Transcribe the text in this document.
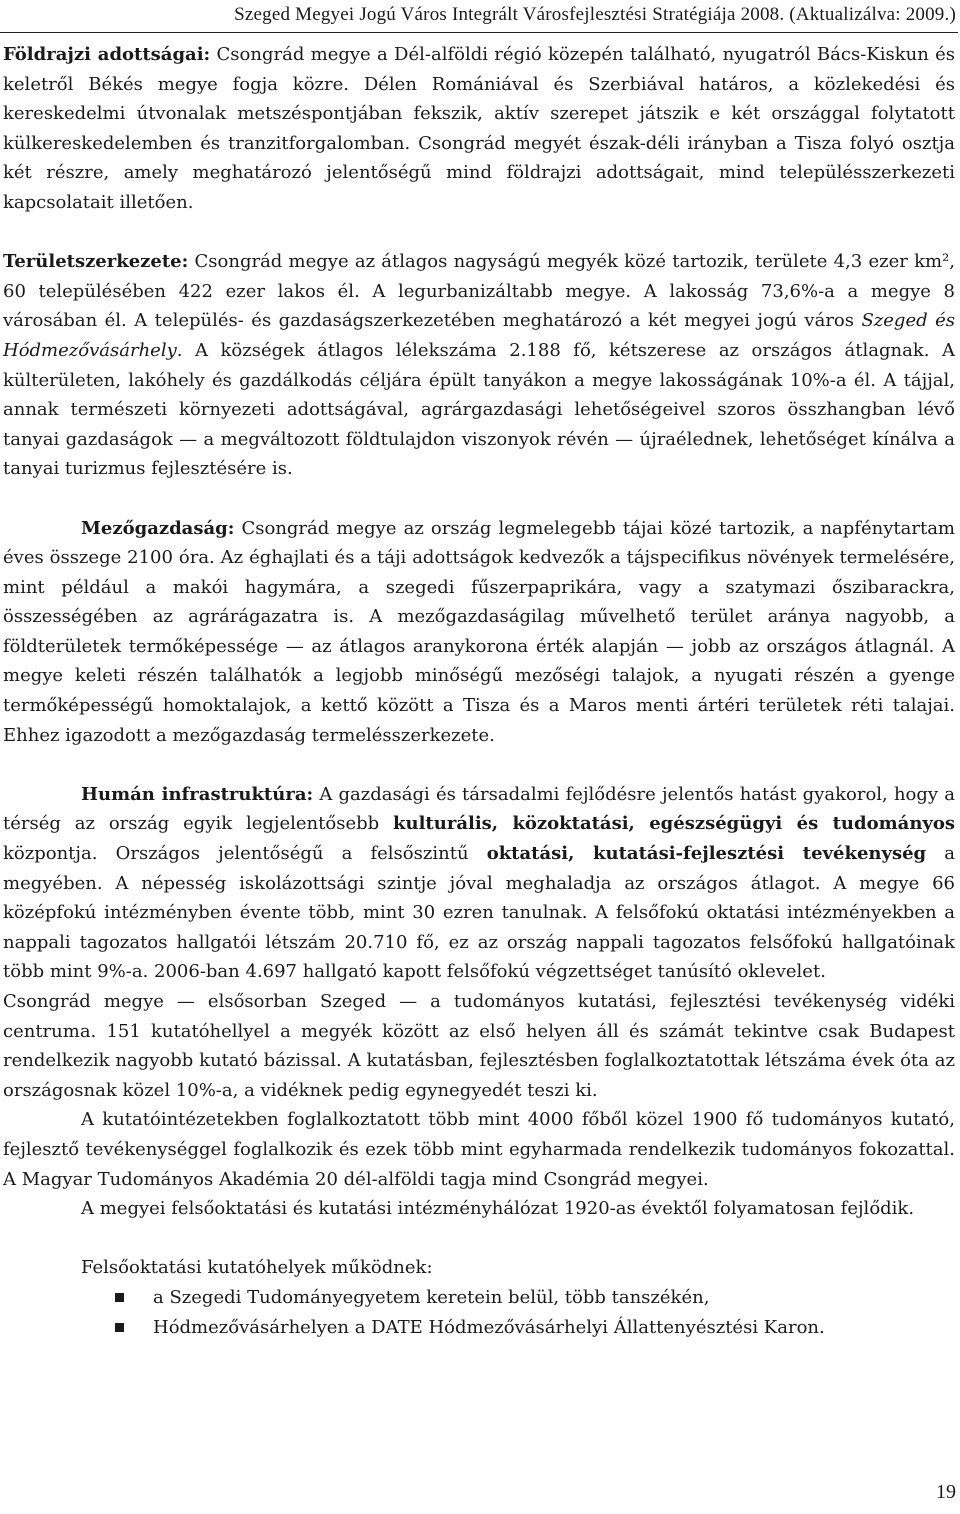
Szeged Megyei Jogú Város Integrált Városfejlesztési Stratégiája 2008. (Aktualizálva: 2009.)

Földrajzi adottságai: Csongrád megye a Dél-alföldi régió közepén található, nyugatról Bács-Kiskun és keletről Békés megye fogja közre. Délen Romániával és Szerbiával határos, a közlekedési és kereskedelmi útvonalak metszéspontjában fekszik, aktív szerepet játszik e két országgal folytatott külkereskedelemben és tranzitforgalomban. Csongrád megyét észak-déli irányban a Tisza folyó osztja két részre, amely meghatározó jelentőségű mind földrajzi adottságait, mind településszerkezeti kapcsolatait illetően.

Területszerkezete: Csongrád megye az átlagos nagyságú megyék közé tartozik, területe 4,3 ezer km², 60 településében 422 ezer lakos él. A legurbanizáltabb megye. A lakosság 73,6%-a a megye 8 városában él. A település- és gazdaságszerkezetében meghatározó a két megyei jogú város Szeged és Hódmezővásárhely. A községek átlagos lélekszáma 2.188 fő, kétszerese az országos átlagnak. A külterületen, lakóhely és gazdálkodás céljára épült tanyákon a megye lakosságának 10%-a él. A tájjal, annak természeti környezeti adottságával, agrárgazdasági lehetőségeivel szoros összhangban lévő tanyai gazdaságok — a megváltozott földtulajdon viszonyok révén — újraélednek, lehetőséget kínálva a tanyai turizmus fejlesztésére is.

Mezőgazdaság: Csongrád megye az ország legmelegebb tájai közé tartozik, a napfénytartam éves összege 2100 óra. Az éghajlati és a táji adottságok kedvezők a tájspecifikus növények termelésére, mint például a makói hagymára, a szegedi fűszerpaprikára, vagy a szatymazi őszibarackra, összességében az agrárágazatra is. A mezőgazdaságilag művelhető terület aránya nagyobb, a földterületek termőképessége — az átlagos aranykorona érték alapján — jobb az országos átlagnál. A megye keleti részén találhatók a legjobb minőségű mezőségi talajok, a nyugati részén a gyenge termőképességű homoktalajok, a kettő között a Tisza és a Maros menti ártéri területek réti talajai. Ehhez igazodott a mezőgazdaság termelésszerkezete.

Humán infrastruktúra: A gazdasági és társadalmi fejlődésre jelentős hatást gyakorol, hogy a térség az ország egyik legjelentősebb kulturális, közoktatási, egészségügyi és tudományos központja. Országos jelentőségű a felsőszintű oktatási, kutatási-fejlesztési tevékenység a megyében. A népesség iskolázottsági szintje jóval meghaladja az országos átlagot. A megye 66 középfokú intézményben évente több, mint 30 ezren tanulnak. A felsőfokú oktatási intézményekben a nappali tagozatos hallgatói létszám 20.710 fő, ez az ország nappali tagozatos felsőfokú hallgatóinak több mint 9%-a. 2006-ban 4.697 hallgató kapott felsőfokú végzettséget tanúsító oklevelet.

Csongrád megye — elsősorban Szeged — a tudományos kutatási, fejlesztési tevékenység vidéki centruma. 151 kutatóhellyel a megyék között az első helyen áll és számát tekintve csak Budapest rendelkezik nagyobb kutató bázissal. A kutatásban, fejlesztésben foglalkoztatottak létszáma évek óta az országosnak közel 10%-a, a vidéknek pedig egynegyedét teszi ki.

A kutatóintézetekben foglalkoztatott több mint 4000 főből közel 1900 fő tudományos kutató, fejlesztő tevékenységgel foglalkozik és ezek több mint egyharmada rendelkezik tudományos fokozattal. A Magyar Tudományos Akadémia 20 dél-alföldi tagja mind Csongrád megyei.

A megyei felsőoktatási és kutatási intézményhálózat 1920-as évektől folyamatosan fejlődik.

Felsőoktatási kutatóhelyek működnek:

a Szegedi Tudományegyetem keretein belül, több tanszékén,
Hódmezővásárhelyen a DATE Hódmezővásárhelyi Állattenyésztési Karon.
19
